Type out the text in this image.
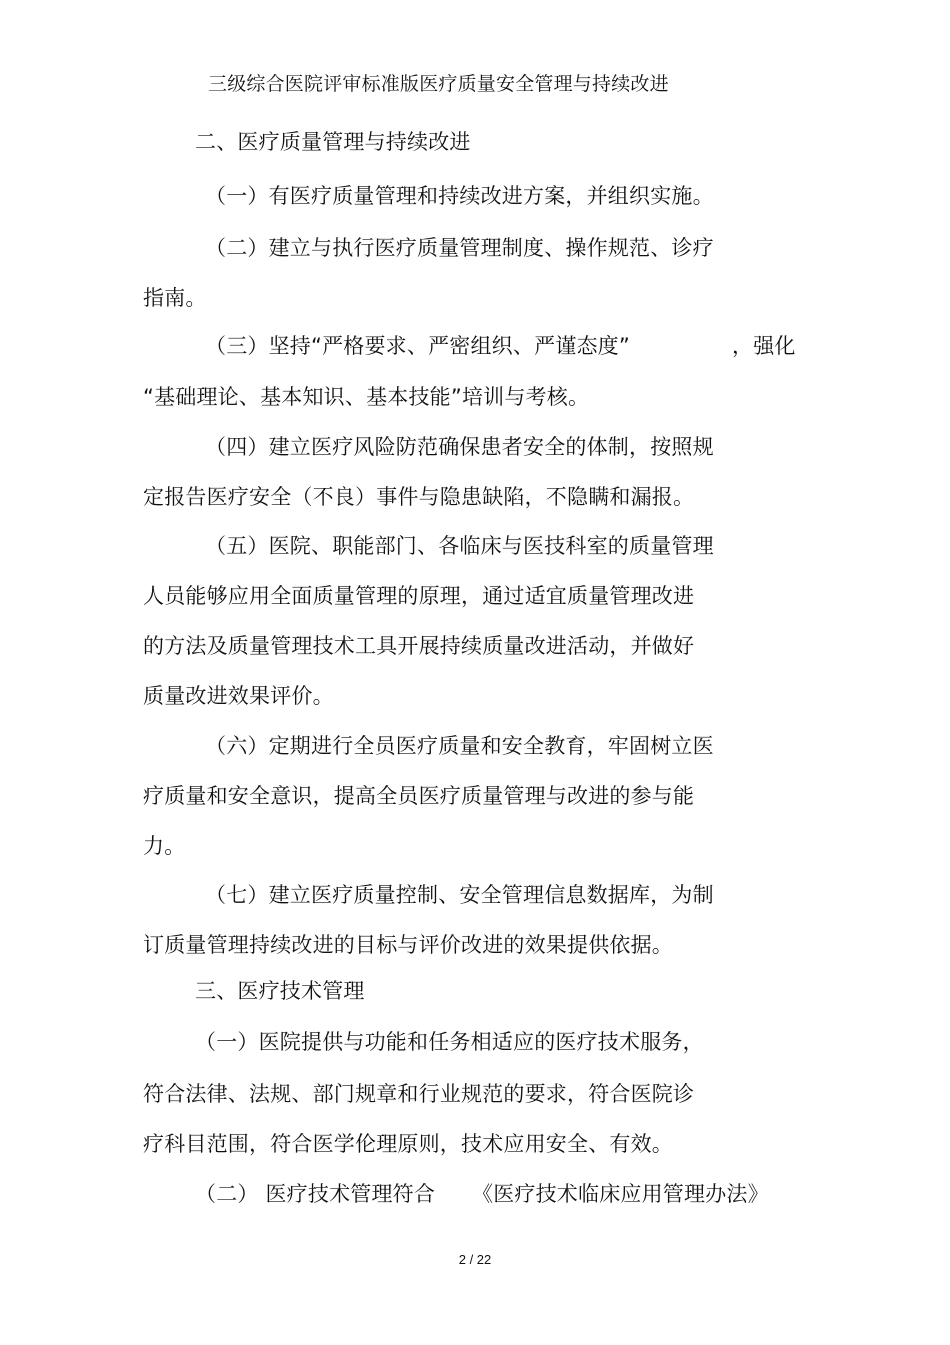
三级综合医院评审标准版医疗质量安全管理与持续改进
二、医疗质量管理与持续改进
（一）有医疗质量管理和持续改进方案，并组织实施。
（二）建立与执行医疗质量管理制度、操作规范、诊疗
指南。
（三）坚持“严格要求、严密组织、严谨态度”	，强化
“基础理论、基本知识、基本技能”培训与考核。
（四）建立医疗风险防范确保患者安全的体制，按照规
定报告医疗安全（不良）事件与隐患缺陷，不隐瞒和漏报。
（五）医院、职能部门、各临床与医技科室的质量管理
人员能够应用全面质量管理的原理，通过适宜质量管理改进
的方法及质量管理技术工具开展持续质量改进活动，并做好
质量改进效果评价。
（六）定期进行全员医疗质量和安全教育，牢固树立医
疗质量和安全意识，提高全员医疗质量管理与改进的参与能
力。
（七）建立医疗质量控制、安全管理信息数据库，为制
订质量管理持续改进的目标与评价改进的效果提供依据。
三、医疗技术管理
（一）医院提供与功能和任务相适应的医疗技术服务，
符合法律、法规、部门规章和行业规范的要求，符合医院诊
疗科目范围，符合医学伦理原则，技术应用安全、有效。
（二） 医疗技术管理符合 《医疗技术临床应用管理办法》
2 / 22
